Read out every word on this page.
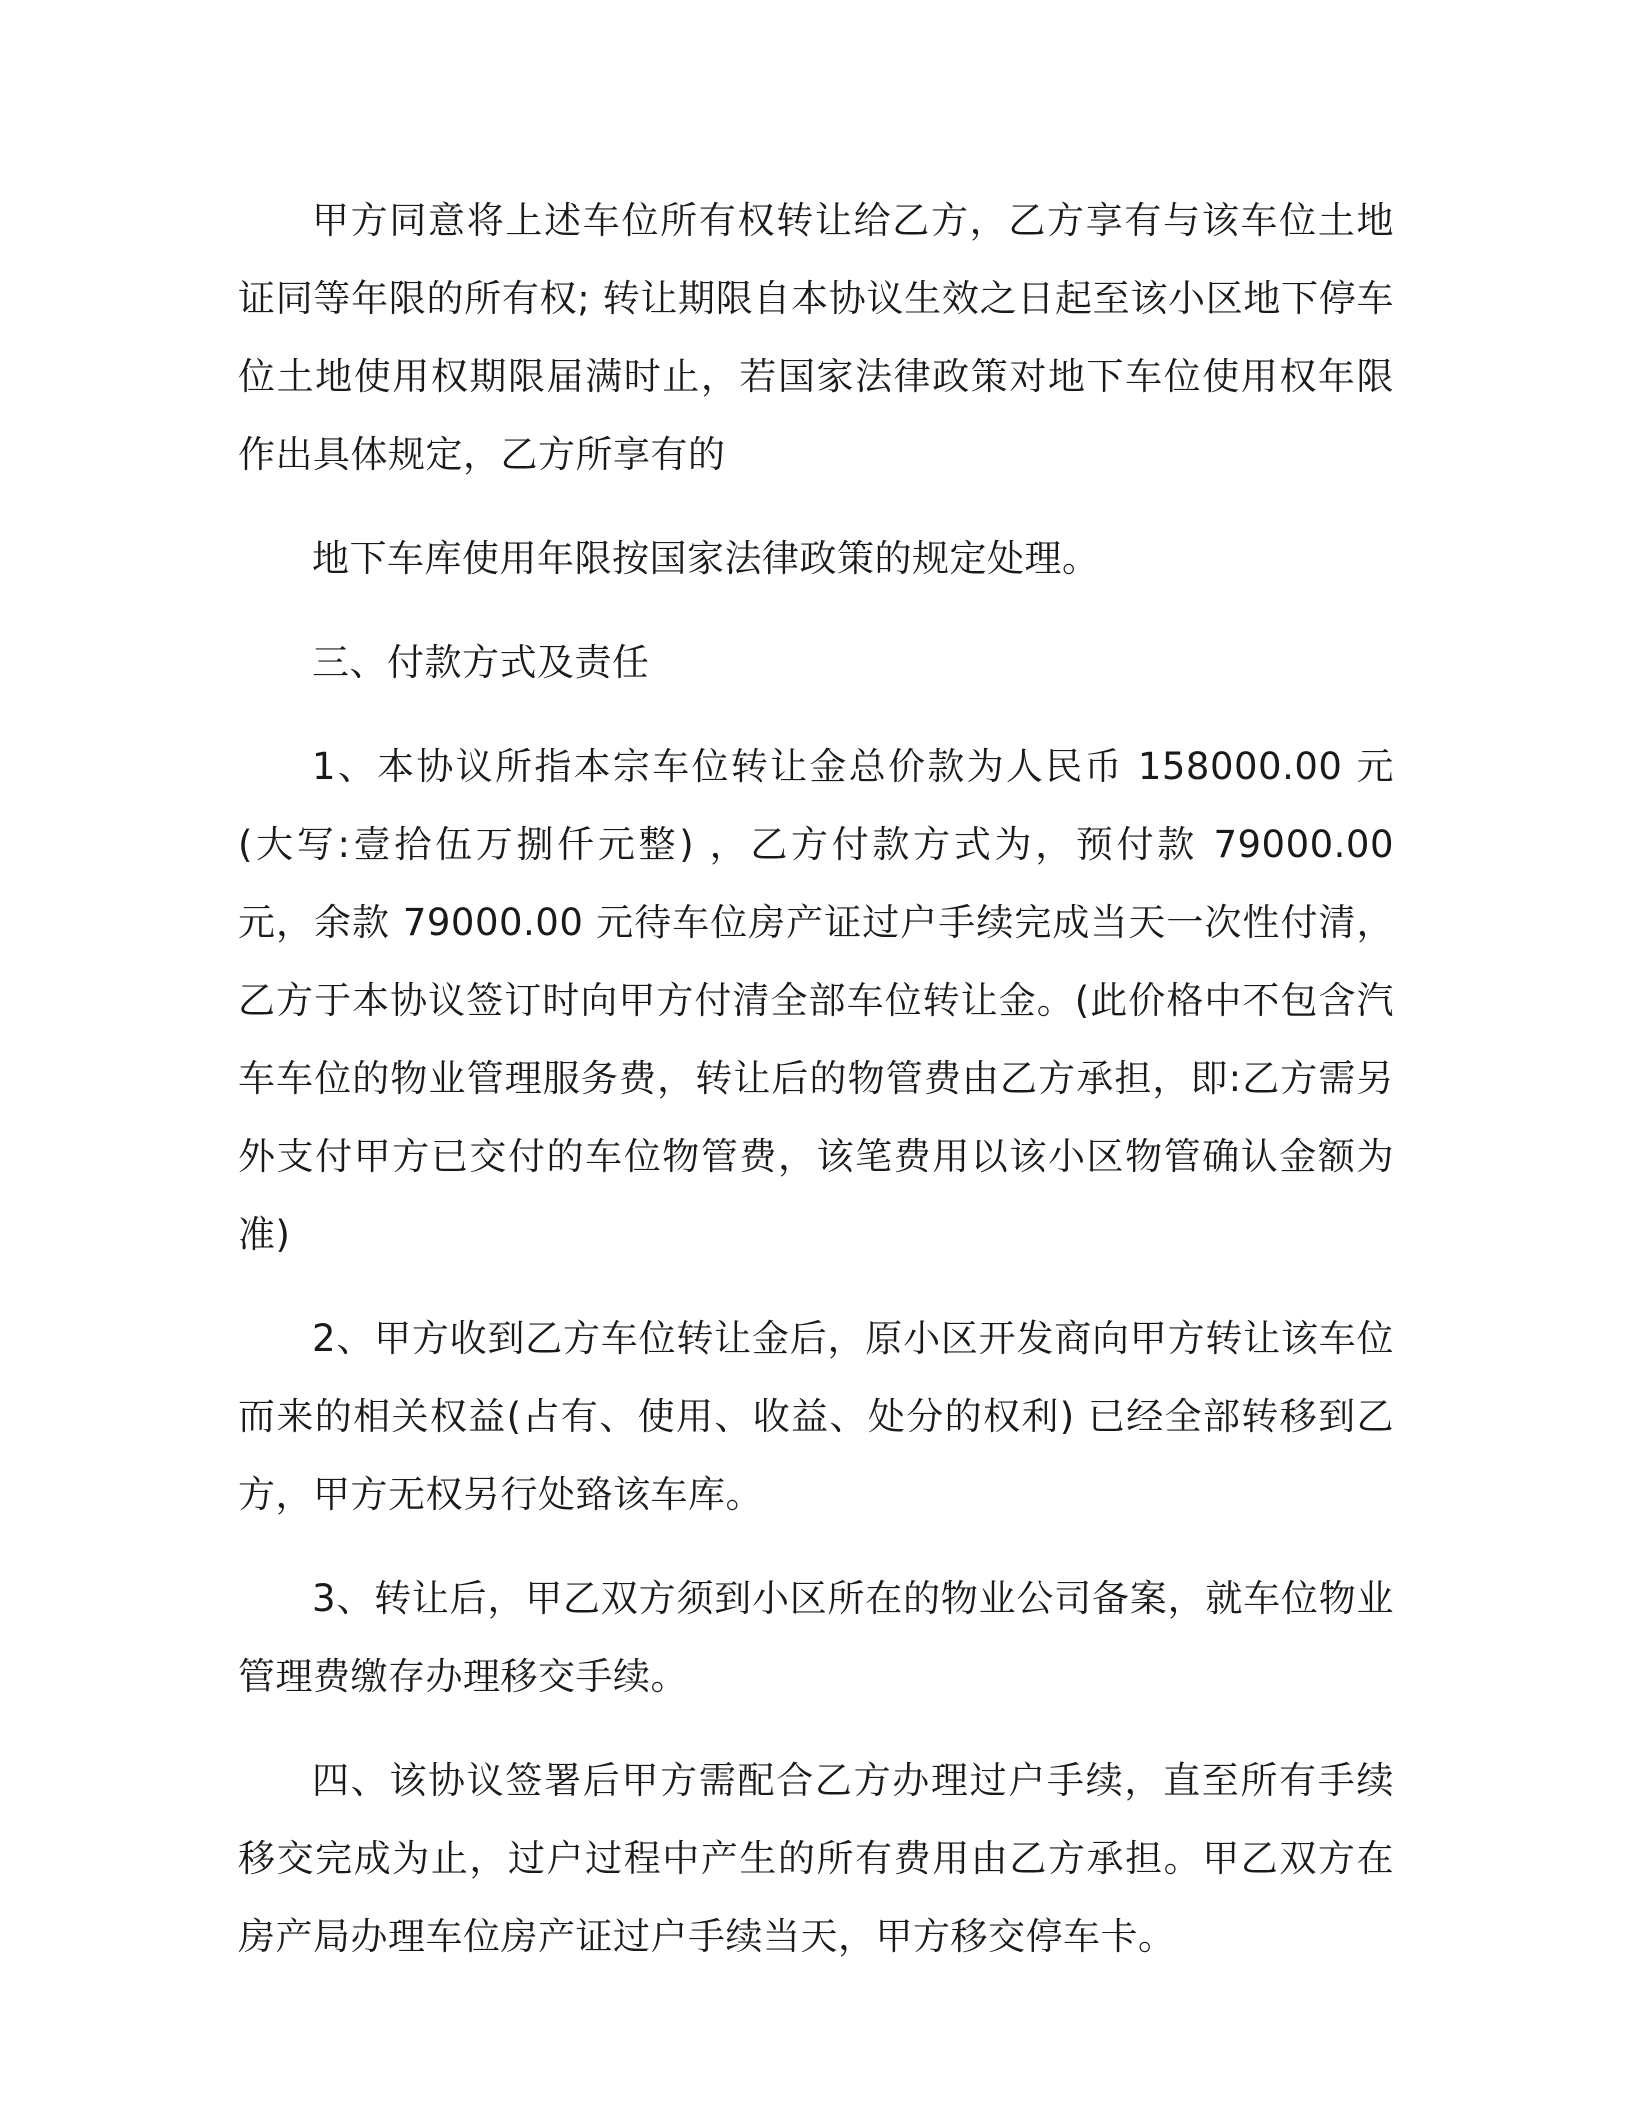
甲方同意将上述车位所有权转让给乙方，乙方享有与该车位土地证同等年限的所有权; 转让期限自本协议生效之日起至该小区地下停车位土地使用权期限届满时止，若国家法律政策对地下车位使用权年限作出具体规定，乙方所享有的

地下车库使用年限按国家法律政策的规定处理。

三、付款方式及责任

1、本协议所指本宗车位转让金总价款为人民币 158000.00 元 (大写:壹拾伍万捌仟元整) ，乙方付款方式为，预付款 79000.00 元，余款 79000.00 元待车位房产证过户手续完成当天一次性付清，乙方于本协议签订时向甲方付清全部车位转让金。(此价格中不包含汽车车位的物业管理服务费，转让后的物管费由乙方承担，即:乙方需另外支付甲方已交付的车位物管费，该笔费用以该小区物管确认金额为准)

2、甲方收到乙方车位转让金后，原小区开发商向甲方转让该车位而来的相关权益(占有、使用、收益、处分的权利) 已经全部转移到乙方，甲方无权另行处臵该车库。

3、转让后，甲乙双方须到小区所在的物业公司备案，就车位物业管理费缴存办理移交手续。

四、该协议签署后甲方需配合乙方办理过户手续，直至所有手续移交完成为止，过户过程中产生的所有费用由乙方承担。甲乙双方在房产局办理车位房产证过户手续当天，甲方移交停车卡。
